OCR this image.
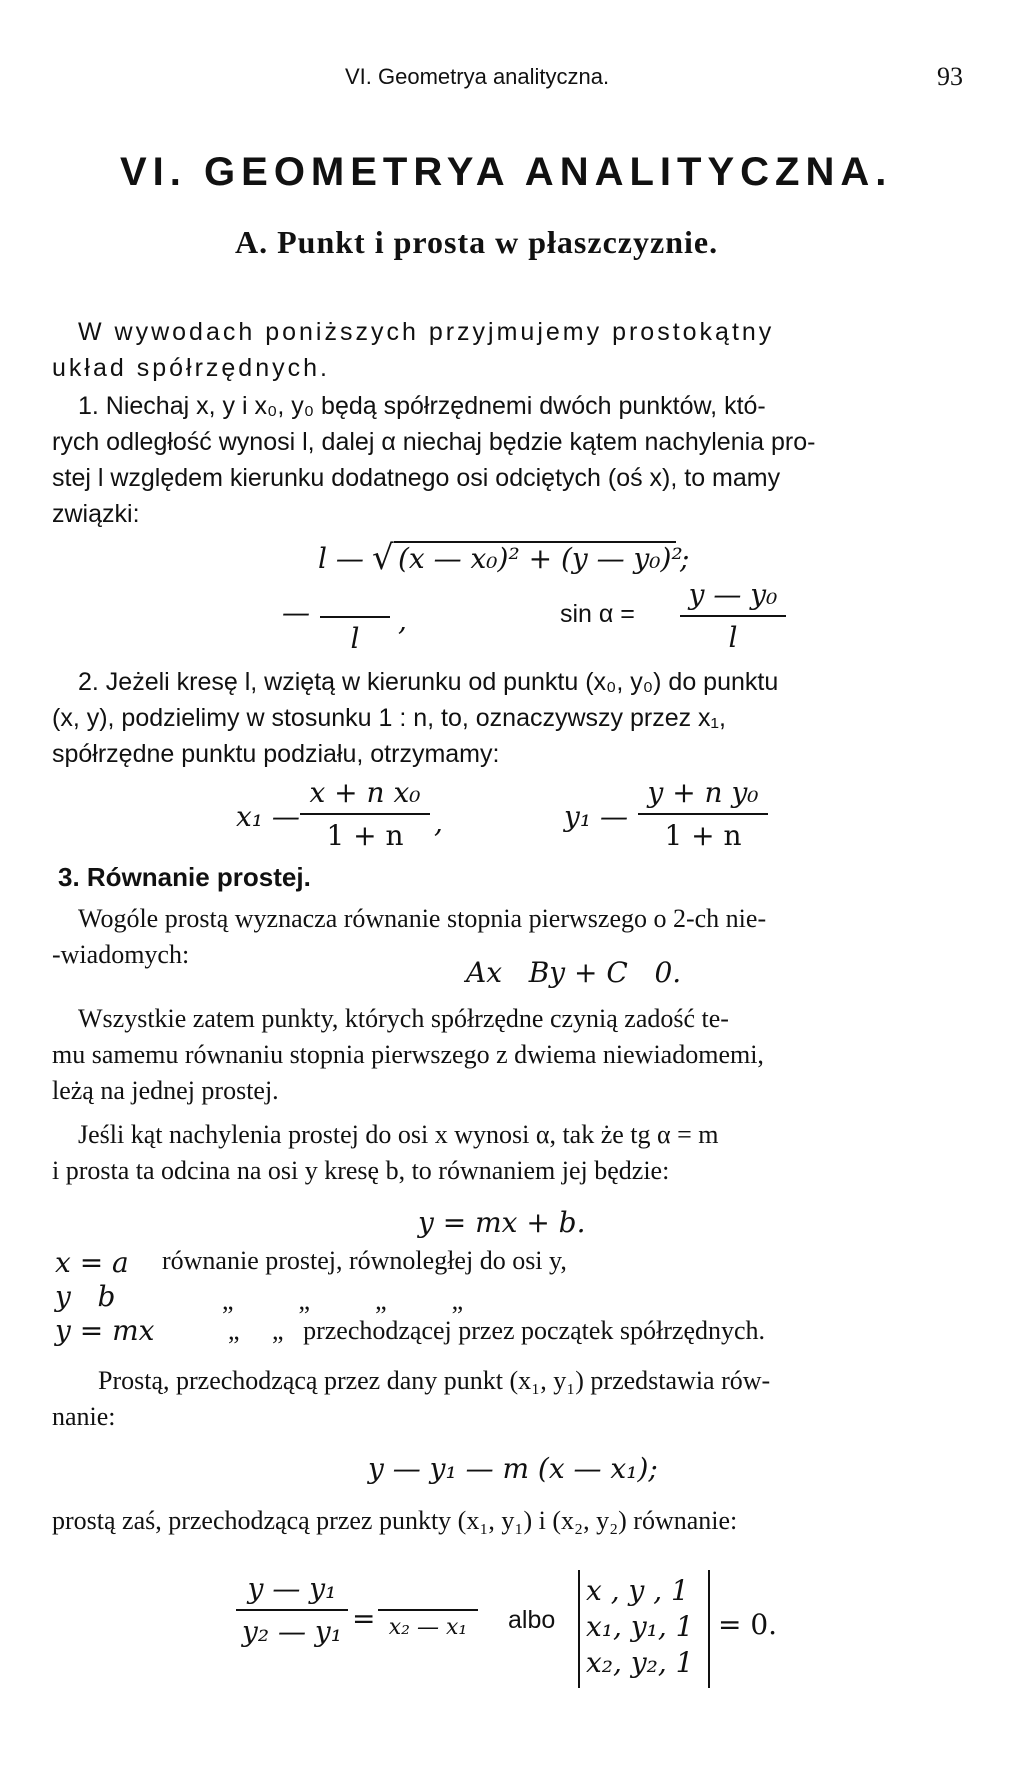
VI. Geometrya analityczna.	93
VI. GEOMETRYA ANALITYCZNA.
A. Punkt i prosta w płaszczyznie.
W wywodach poniższych przyjmujemy prostokątny
układ spółrzędnych.
1. Niechaj x, y i x₀, y₀ będą spółrzędnemi dwóch punktów, któ-
rych odległość wynosi l, dalej α niechaj będzie kątem nachylenia pro-
stej l względem kierunku dodatnego osi odciętych (oś x), to mamy
związki:
l — √ (x — x₀)² + (y — y₀)²
;
—
l
,	sin α =
y — y₀
l
2. Jeżeli kresę l, wziętą w kierunku od punktu (x₀, y₀) do punktu
(x, y), podzielimy w stosunku 1 : n, to, oznaczywszy przez x₁,
spółrzędne punktu podziału, otrzymamy:
x₁ —
x + n x₀
1 + n ,	y₁ —
y + n y₀
1 + n
3. Równanie prostej.
Wogóle prostą wyznacza równanie stopnia pierwszego o 2-ch nie-
-wiadomych:
Ax   By + C   0.
Wszystkie zatem punkty, których spółrzędne czynią zadość te-
mu samemu równaniu stopnia pierwszego z dwiema niewiadomemi,
leżą na jednej prostej.
Jeśli kąt nachylenia prostej do osi x wynosi α, tak że tg α = m
i prosta ta odcina na osi y kresę b, to równaniem jej będzie:
y = mx + b.
x = a równanie prostej, równoległej do osi y,
y   b	„          „          „          „
y = mx	„     „   przechodzącej przez początek spółrzędnych.
Prostą, przechodzącą przez dany punkt (x₁, y₁) przedstawia rów-
nanie:
y — y₁ — m (x — x₁);
prostą zaś, przechodzącą przez punkty (x₁, y₁) i (x₂, y₂) równanie:
y — y₁
y₂ — y₁ = x₂ — x₁ albo
x , y , 1
x₁, y₁, 1
x₂, y₂, 1
= 0.
